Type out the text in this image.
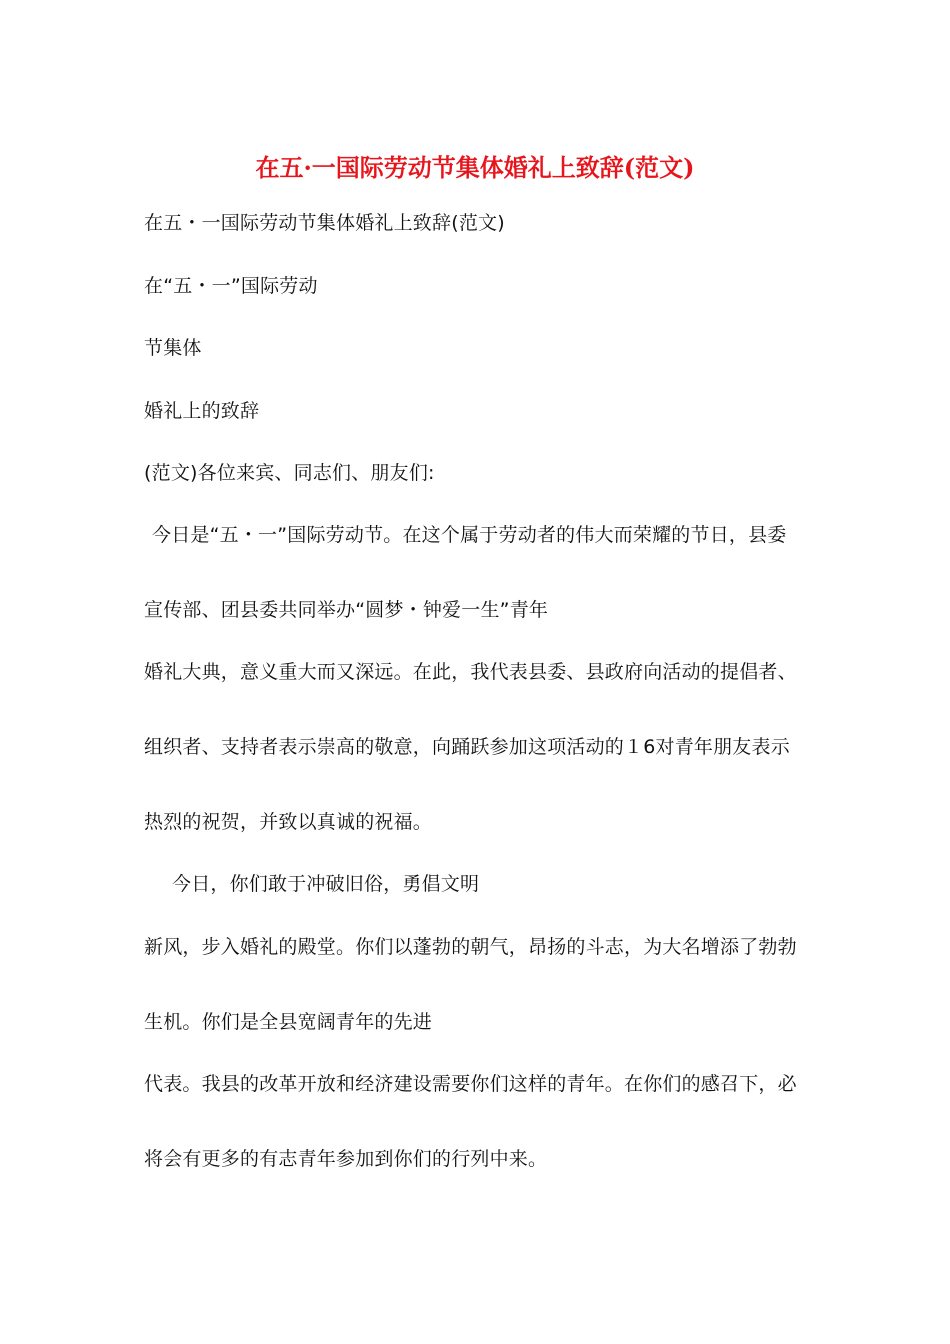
在五·一国际劳动节集体婚礼上致辞(范文)
在五・一国际劳动节集体婚礼上致辞(范文)
在“五・一”国际劳动
节集体
婚礼上的致辞
(范文)各位来宾、同志们、朋友们:
今日是“五・一”国际劳动节。在这个属于劳动者的伟大而荣耀的节日，县委
宣传部、团县委共同举办“圆梦・钟爱一生”青年
婚礼大典，意义重大而又深远。在此，我代表县委、县政府向活动的提倡者、
组织者、支持者表示崇高的敬意，向踊跃参加这项活动的１6对青年朋友表示
热烈的祝贺，并致以真诚的祝福。
今日，你们敢于冲破旧俗，勇倡文明
新风，步入婚礼的殿堂。你们以蓬勃的朝气，昂扬的斗志，为大名增添了勃勃
生机。你们是全县宽阔青年的先进
代表。我县的改革开放和经济建设需要你们这样的青年。在你们的感召下，必
将会有更多的有志青年参加到你们的行列中来。
